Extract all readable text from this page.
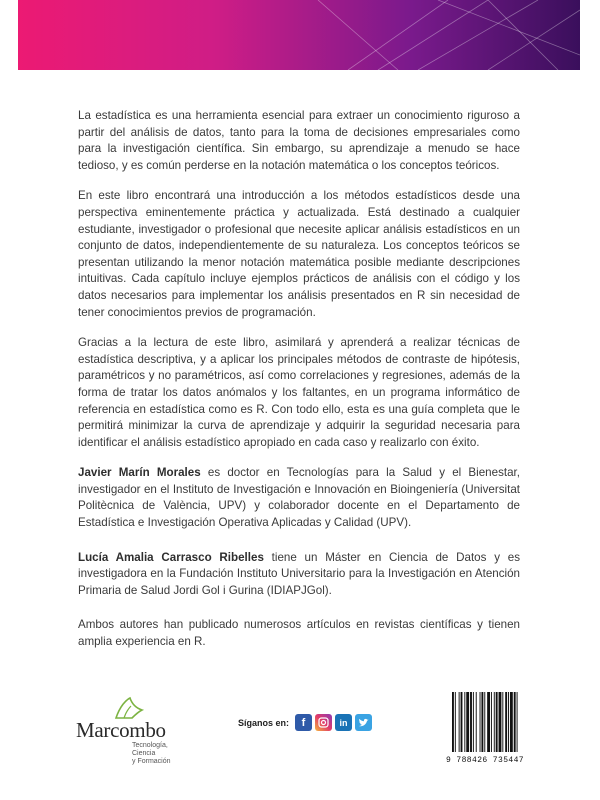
La estadística es una herramienta esencial para extraer un conocimiento riguroso a partir del análisis de datos, tanto para la toma de decisiones empresariales como para la investigación científica. Sin embargo, su aprendizaje a menudo se hace tedioso, y es común perderse en la notación matemática o los conceptos teóricos.

En este libro encontrará una introducción a los métodos estadísticos desde una perspectiva eminentemente práctica y actualizada. Está destinado a cualquier estudiante, investigador o profesional que necesite aplicar análisis estadísticos en un conjunto de datos, independientemente de su naturaleza. Los conceptos teóricos se presentan utilizando la menor notación matemática posible mediante descripciones intuitivas. Cada capítulo incluye ejemplos prácticos de análisis con el código y los datos necesarios para implementar los análisis presentados en R sin necesidad de tener conocimientos previos de programación.

Gracias a la lectura de este libro, asimilará y aprenderá a realizar técnicas de estadística descriptiva, y a aplicar los principales métodos de contraste de hipótesis, paramétricos y no paramétricos, así como correlaciones y regresiones, además de la forma de tratar los datos anómalos y los faltantes, en un programa informático de referencia en estadística como es R. Con todo ello, esta es una guía completa que le permitirá minimizar la curva de aprendizaje y adquirir la seguridad necesaria para identificar el análisis estadístico apropiado en cada caso y realizarlo con éxito.

Javier Marín Morales es doctor en Tecnologías para la Salud y el Bienestar, investigador en el Instituto de Investigación e Innovación en Bioingeniería (Universitat Politècnica de València, UPV) y colaborador docente en el Departamento de Estadística e Investigación Operativa Aplicadas y Calidad (UPV).

Lucía Amalia Carrasco Ribelles tiene un Máster en Ciencia de Datos y es investigadora en la Fundación Instituto Universitario para la Investigación en Atención Primaria de Salud Jordi Gol i Gurina (IDIAPJGol).

Ambos autores han publicado numerosos artículos en revistas científicas y tienen amplia experiencia en R.

Marcombo
Tecnología,
Ciencia
y Formación
Síganos en:	f	in
9 788426 735447
